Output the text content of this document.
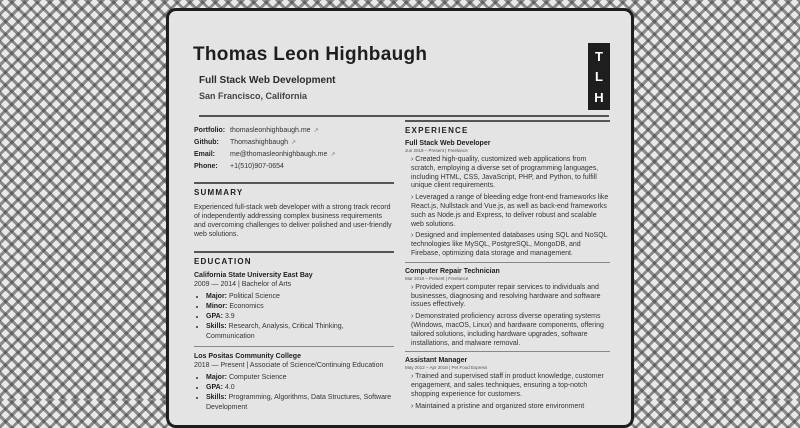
Thomas Leon Highbaugh
Full Stack Web Development
San Francisco, California
T
L
H
Portfolio: thomasleonhighbaugh.me ↗
Github:	Thomashighbaugh ↗
Email:	me@thomasleonhighbaugh.me ↗
Phone:	+1(510)907-0654
SUMMARY

Experienced full-stack web developer with a strong track record of independently addressing complex business requirements and overcoming challenges to deliver polished and user-friendly web solutions.

EDUCATION
California State University East Bay
2009 — 2014 | Bachelor of Arts
• Major: Political Science
• Minor: Economics
• GPA: 3.9
• Skills: Research, Analysis, Critical Thinking, Communication
Los Positas Community College
2018 — Present | Associate of Science/Continuing Education
• Major: Computer Science
• GPA: 4.0
• Skills: Programming, Algorithms, Data Structures, Software Development
EXPERIENCE
Full Stack Web Developer
Jun 2018 – Present | Freelance

› Created high-quality, customized web applications from scratch, employing a diverse set of programming languages, including HTML, CSS, JavaScript, PHP, and Python, to fulfill unique client requirements.

› Leveraged a range of bleeding edge front-end frameworks like React.js, Nullstack and Vue.js, as well as back-end frameworks such as Node.js and Express, to deliver robust and scalable web solutions.

› Designed and implemented databases using SQL and NoSQL technologies like MySQL, PostgreSQL, MongoDB, and Firebase, optimizing data storage and management.

Computer Repair Technician
Mar 2018 – Present | Freelance

› Provided expert computer repair services to individuals and businesses, diagnosing and resolving hardware and software issues effectively.

› Demonstrated proficiency across diverse operating systems (Windows, macOS, Linux) and hardware components, offering tailored solutions, including hardware upgrades, software installations, and malware removal.

Assistant Manager
May 2012 – Apr 2018 | Pet Food Express

› Trained and supervised staff in product knowledge, customer engagement, and sales techniques, ensuring a top-notch shopping experience for customers.

› Maintained a pristine and organized store environment
